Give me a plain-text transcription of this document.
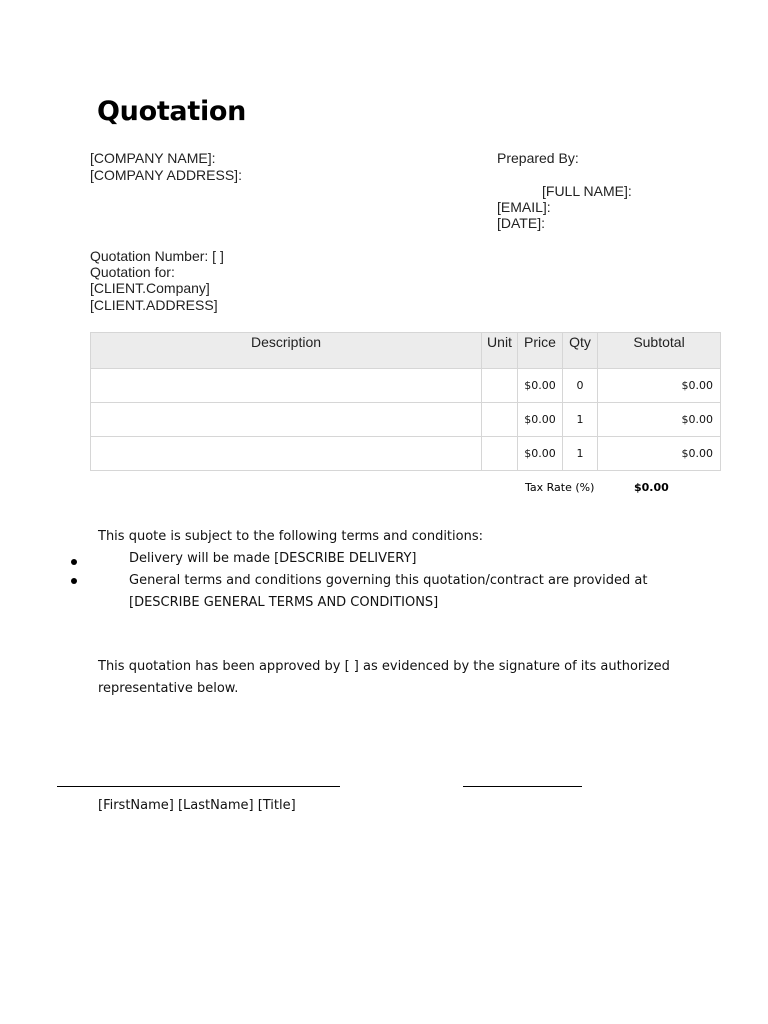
Quotation
[COMPANY NAME]:
[COMPANY ADDRESS]:
Prepared By:
[FULL NAME]:
[EMAIL]:
[DATE]:
Quotation Number: [ ]
Quotation for:
[CLIENT.Company]
[CLIENT.ADDRESS]
Description	Unit	Price	Qty	Subtotal
		$0.00	0	$0.00
		$0.00	1	$0.00
		$0.00	1	$0.00
Tax Rate (%)	$0.00
This quote is subject to the following terms and conditions:
Delivery will be made [DESCRIBE DELIVERY]
General terms and conditions governing this quotation/contract are provided at
[DESCRIBE GENERAL TERMS AND CONDITIONS]
This quotation has been approved by [ ] as evidenced by the signature of its authorized
representative below.
[FirstName] [LastName] [Title]
